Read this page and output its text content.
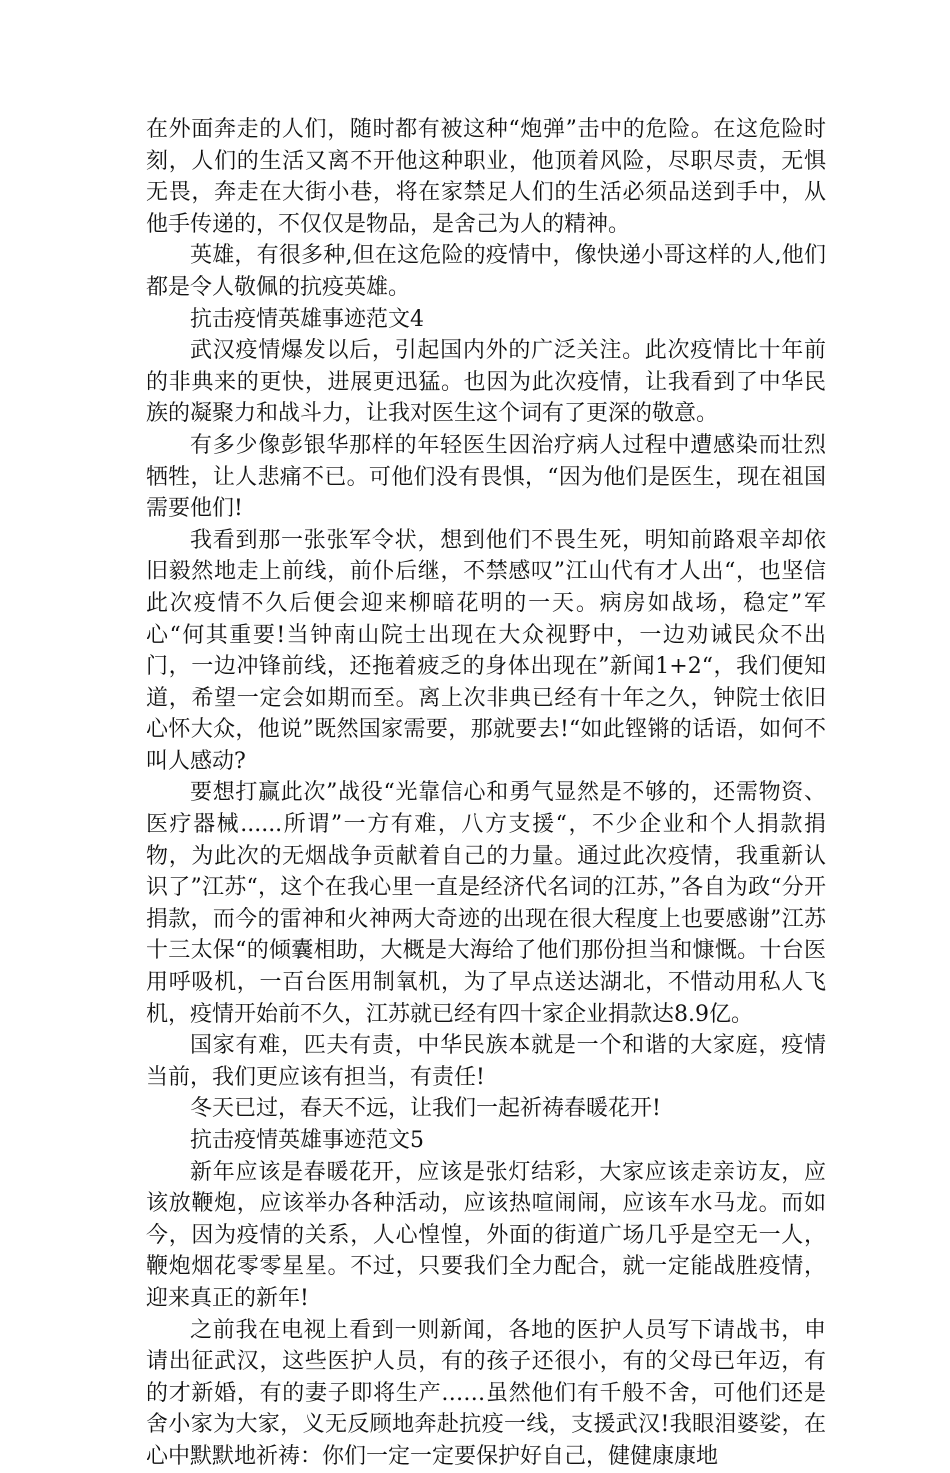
在外面奔走的人们，随时都有被这种“炮弹”击中的危险。在这危险时刻，人们的生活又离不开他这种职业，他顶着风险，尽职尽责，无惧无畏，奔走在大街小巷，将在家禁足人们的生活必须品送到手中，从他手传递的，不仅仅是物品，是舍己为人的精神。

英雄，有很多种,但在这危险的疫情中，像快递小哥这样的人,他们都是令人敬佩的抗疫英雄。

抗击疫情英雄事迹范文4

武汉疫情爆发以后，引起国内外的广泛关注。此次疫情比十年前的非典来的更快，进展更迅猛。也因为此次疫情，让我看到了中华民族的凝聚力和战斗力，让我对医生这个词有了更深的敬意。

有多少像彭银华那样的年轻医生因治疗病人过程中遭感染而壮烈牺牲，让人悲痛不已。可他们没有畏惧，“因为他们是医生，现在祖国需要他们!

我看到那一张张军令状，想到他们不畏生死，明知前路艰辛却依旧毅然地走上前线，前仆后继，不禁感叹”江山代有才人出“，也坚信此次疫情不久后便会迎来柳暗花明的一天。病房如战场，稳定”军心“何其重要!当钟南山院士出现在大众视野中，一边劝诫民众不出门，一边冲锋前线，还拖着疲乏的身体出现在”新闻1+2“，我们便知道，希望一定会如期而至。离上次非典已经有十年之久，钟院士依旧心怀大众，他说”既然国家需要，那就要去!“如此铿锵的话语，如何不叫人感动?

要想打赢此次”战役“光靠信心和勇气显然是不够的，还需物资、医疗器械......所谓”一方有难，八方支援“，不少企业和个人捐款捐物，为此次的无烟战争贡献着自己的力量。通过此次疫情，我重新认识了”江苏“，这个在我心里一直是经济代名词的江苏，”各自为政“分开捐款，而今的雷神和火神两大奇迹的出现在很大程度上也要感谢”江苏十三太保“的倾囊相助，大概是大海给了他们那份担当和慷慨。十台医用呼吸机，一百台医用制氧机，为了早点送达湖北，不惜动用私人飞机，疫情开始前不久，江苏就已经有四十家企业捐款达8.9亿。

国家有难，匹夫有责，中华民族本就是一个和谐的大家庭，疫情当前，我们更应该有担当，有责任!

冬天已过，春天不远，让我们一起祈祷春暖花开!

抗击疫情英雄事迹范文5

新年应该是春暖花开，应该是张灯结彩，大家应该走亲访友，应该放鞭炮，应该举办各种活动，应该热喧闹闹，应该车水马龙。而如今，因为疫情的关系，人心惶惶，外面的街道广场几乎是空无一人，鞭炮烟花零零星星。不过，只要我们全力配合，就一定能战胜疫情，迎来真正的新年!

之前我在电视上看到一则新闻，各地的医护人员写下请战书，申请出征武汉，这些医护人员，有的孩子还很小，有的父母已年迈，有的才新婚，有的妻子即将生产……虽然他们有千般不舍，可他们还是舍小家为大家，义无反顾地奔赴抗疫一线，支援武汉!我眼泪婆娑，在心中默默地祈祷：你们一定一定要保护好自己，健健康康地
